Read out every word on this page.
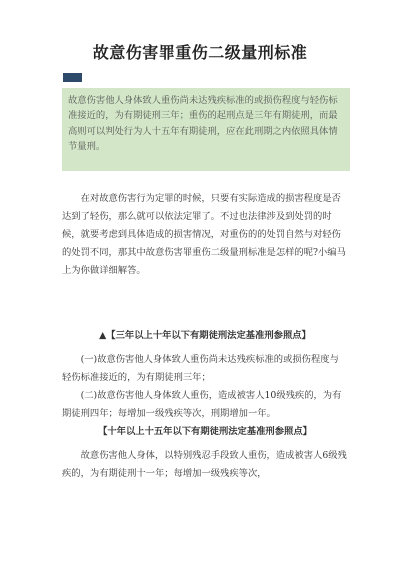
故意伤害罪重伤二级量刑标准
故意伤害他人身体致人重伤尚未达残疾标准的或损伤程度与轻伤标准接近的，为有期徒刑三年；重伤的起刑点是三年有期徒刑，而最高则可以判处行为人十五年有期徒刑，应在此刑期之内依照具体情节量刑。

在对故意伤害行为定罪的时候，只要有实际造成的损害程度是否达到了轻伤，那么就可以依法定罪了。不过也法律涉及到处罚的时候，就要考虑到具体造成的损害情况，对重伤的的处罚自然与对轻伤的处罚不同，那其中故意伤害罪重伤二级量刑标准是怎样的呢?小编马上为你做详细解答。

▲【三年以上十年以下有期徒刑法定基准刑参照点】

(一)故意伤害他人身体致人重伤尚未达残疾标准的或损伤程度与轻伤标准接近的，为有期徒刑三年；

(二)故意伤害他人身体致人重伤，造成被害人10级残疾的，为有期徒刑四年；每增加一级残疾等次，刑期增加一年。

【十年以上十五年以下有期徒刑法定基准刑参照点】

故意伤害他人身体，以特别残忍手段致人重伤，造成被害人6级残疾的，为有期徒刑十一年；每增加一级残疾等次，
